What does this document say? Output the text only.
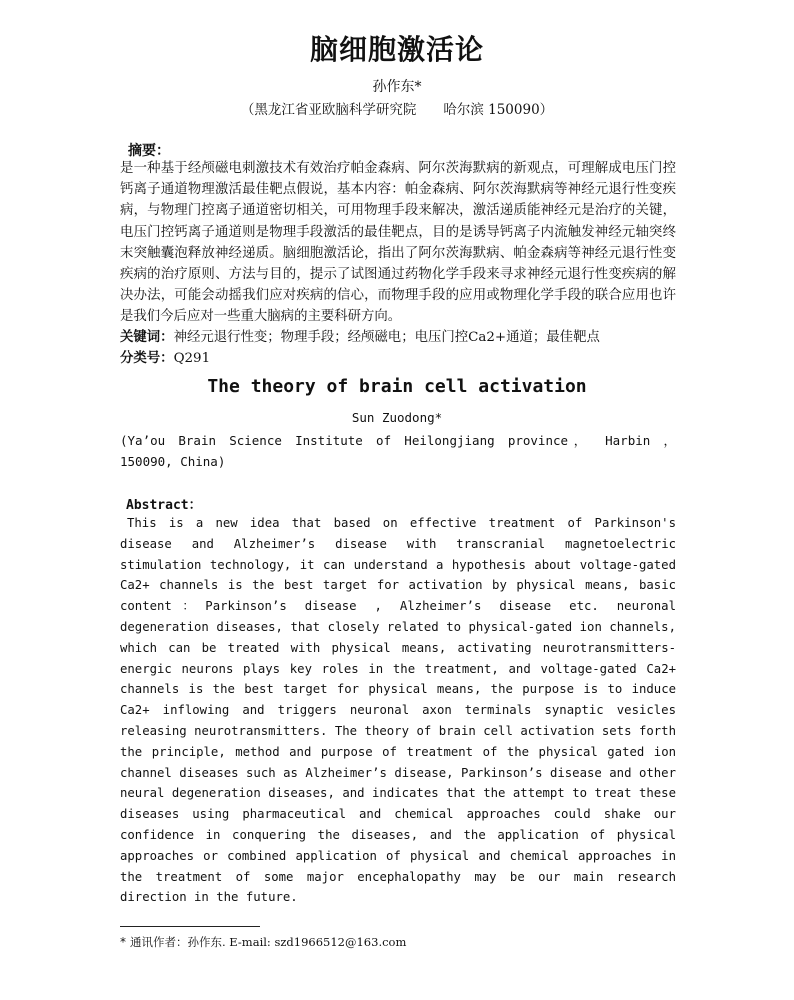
脑细胞激活论
孙作东*
（黑龙江省亚欧脑科学研究院　　哈尔滨 150090）
摘要：

是一种基于经颅磁电刺激技术有效治疗帕金森病、阿尔茨海默病的新观点，可理解成电压门控钙离子通道物理激活最佳靶点假说，基本内容：帕金森病、阿尔茨海默病等神经元退行性变疾病，与物理门控离子通道密切相关，可用物理手段来解决，激活递质能神经元是治疗的关键，电压门控钙离子通道则是物理手段激活的最佳靶点，目的是诱导钙离子内流触发神经元轴突终末突触囊泡释放神经递质。脑细胞激活论，指出了阿尔茨海默病、帕金森病等神经元退行性变疾病的治疗原则、方法与目的，提示了试图通过药物化学手段来寻求神经元退行性变疾病的解决办法，可能会动摇我们应对疾病的信心，而物理手段的应用或物理化学手段的联合应用也许是我们今后应对一些重大脑病的主要科研方向。

关键词：神经元退行性变；物理手段；经颅磁电；电压门控Ca2+通道；最佳靶点
分类号：Q291
The theory of brain cell activation
Sun Zuodong*

(Ya’ou Brain Science Institute of Heilongjiang province， Harbin ， 150090, China)

Abstract：

This is a new idea that based on effective treatment of Parkinson's disease and Alzheimer’s disease with transcranial magnetoelectric stimulation technology, it can understand a hypothesis about voltage-gated Ca2+ channels is the best target for activation by physical means, basic content：Parkinson’s disease , Alzheimer’s disease etc. neuronal degeneration diseases, that closely related to physical-gated ion channels, which can be treated with physical means, activating neurotransmitters-energic neurons plays key roles in the treatment, and voltage-gated Ca2+ channels is the best target for physical means, the purpose is to induce Ca2+ inflowing and triggers neuronal axon terminals synaptic vesicles releasing neurotransmitters. The theory of brain cell activation sets forth the principle, method and purpose of treatment of the physical gated ion channel diseases such as Alzheimer’s disease, Parkinson’s disease and other neural degeneration diseases, and indicates that the attempt to treat these diseases using pharmaceutical and chemical approaches could shake our confidence in conquering the diseases, and the application of physical approaches or combined application of physical and chemical approaches in the treatment of some major encephalopathy may be our main research direction in the future.

* 通讯作者：孙作东. E-mail: szd1966512@163.com
